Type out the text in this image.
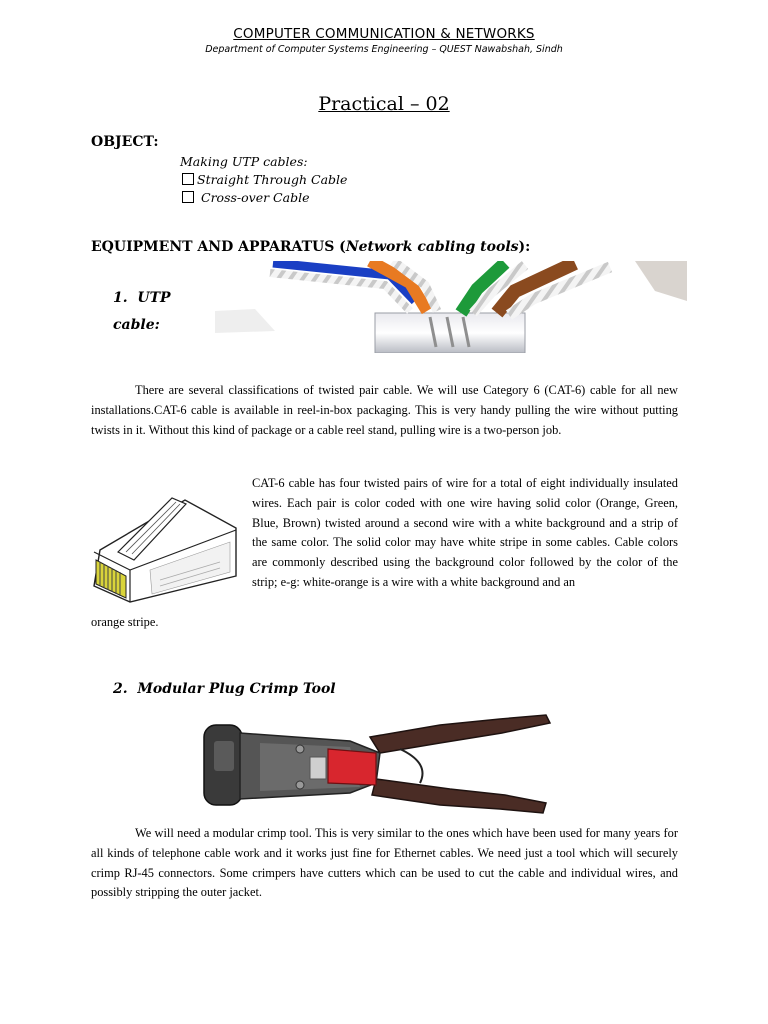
COMPUTER COMMUNICATION & NETWORKS
Department of Computer Systems Engineering – QUEST Nawabshah, Sindh
Practical – 02
OBJECT:
Making UTP cables:
Straight Through Cable
Cross-over Cable
EQUIPMENT AND APPARATUS (Network cabling tools):
1. UTP
cable:
There are several classifications of twisted pair cable. We will use Category 6 (CAT-6) cable for all new installations.CAT-6 cable is available in reel-in-box packaging. This is very handy pulling the wire without putting twists in it. Without this kind of package or a cable reel stand, pulling wire is a two-person job.
CAT-6 cable has four twisted pairs of wire for a total of eight individually insulated wires. Each pair is color coded with one wire having solid color (Orange, Green, Blue, Brown) twisted around a second wire with a white background and a strip of the same color. The solid color may have white stripe in some cables. Cable colors are commonly described using the background color followed by the color of the strip; e-g: white-orange is a wire with a white background and an
orange stripe.
2. Modular Plug Crimp Tool
We will need a modular crimp tool. This is very similar to the ones which have been used for many years for all kinds of telephone cable work and it works just fine for Ethernet cables. We need just a tool which will securely crimp RJ-45 connectors. Some crimpers have cutters which can be used to cut the cable and individual wires, and possibly stripping the outer jacket.
